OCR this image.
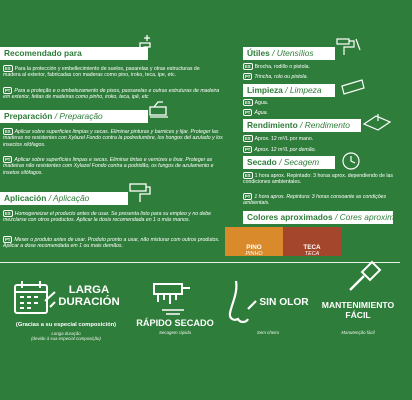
Recomendado para
ES Para la protección y embellecimiento de suelos, pasarelas y otras estructuras de madera al exterior, fabricadas con maderas como pino, iroko, teca, ipe, etc.
PT Para a proteção e o embelezamento de pisos, passarelas e outras estruturas de madeira em exterior, feitas de madeiras como pinho, iroko, teca, ipê, etc
Preparación / Preparação
ES Aplicar sobre superficies limpias y secas. Eliminar pinturas y barnices y lijar. Proteger las maderas no resistentes con Xylazel Fondo contra la podredumbre, los hongos del azulado y los insectos xilófagos.
PT Aplicar sobre superfícies limpas e secas. Eliminar tintas e vernizes e lixar. Proteger as madeiras não resistentes com Xylazel Fondo contra a podridão, os fungos de azulamento e insetos xilófagos.
Aplicación / Aplicação
ES Homogeneizar el producto antes de usar. Se presenta listo para su empleo y no debe mezclarse con otros productos. Aplicar la dosis recomendada en 1 o más manos.
PT Mexer o produto antes de usar. Produto pronto a usar, não misturar com outros produtos. Aplicar a dose recomendada em 1 ou mais demãos.
Útiles / Utensílios
ES Brocha, rodillo o pistola.
PT Trincha, rolo ou pistola.
Limpieza / Limpeza
ES Agua.
PT Água.
Rendimiento / Rendimento
ES Aprox. 12 m²/L por mano.
PT Aprox. 12 m²/L por demão.
Secado / Secagem
ES 1 hora aprox. Repintado: 3 horas aprox. dependiendo de las condiciones ambientales.
PT 1 hora aprox. Repintura: 3 horas consoante as condições ambientais.
Colores aproximados / Cores aproximadas
PINO
PINHO
TECA
TECA
LARGA
DURACIÓN
(Gracias a su especial composición)
Longa duração
(devido à sua especial composição)
RÁPIDO SECADO
Secagem rápida
SIN OLOR
Sem cheiro
MANTENIMIENTO
FÁCIL
Manutenção fácil
